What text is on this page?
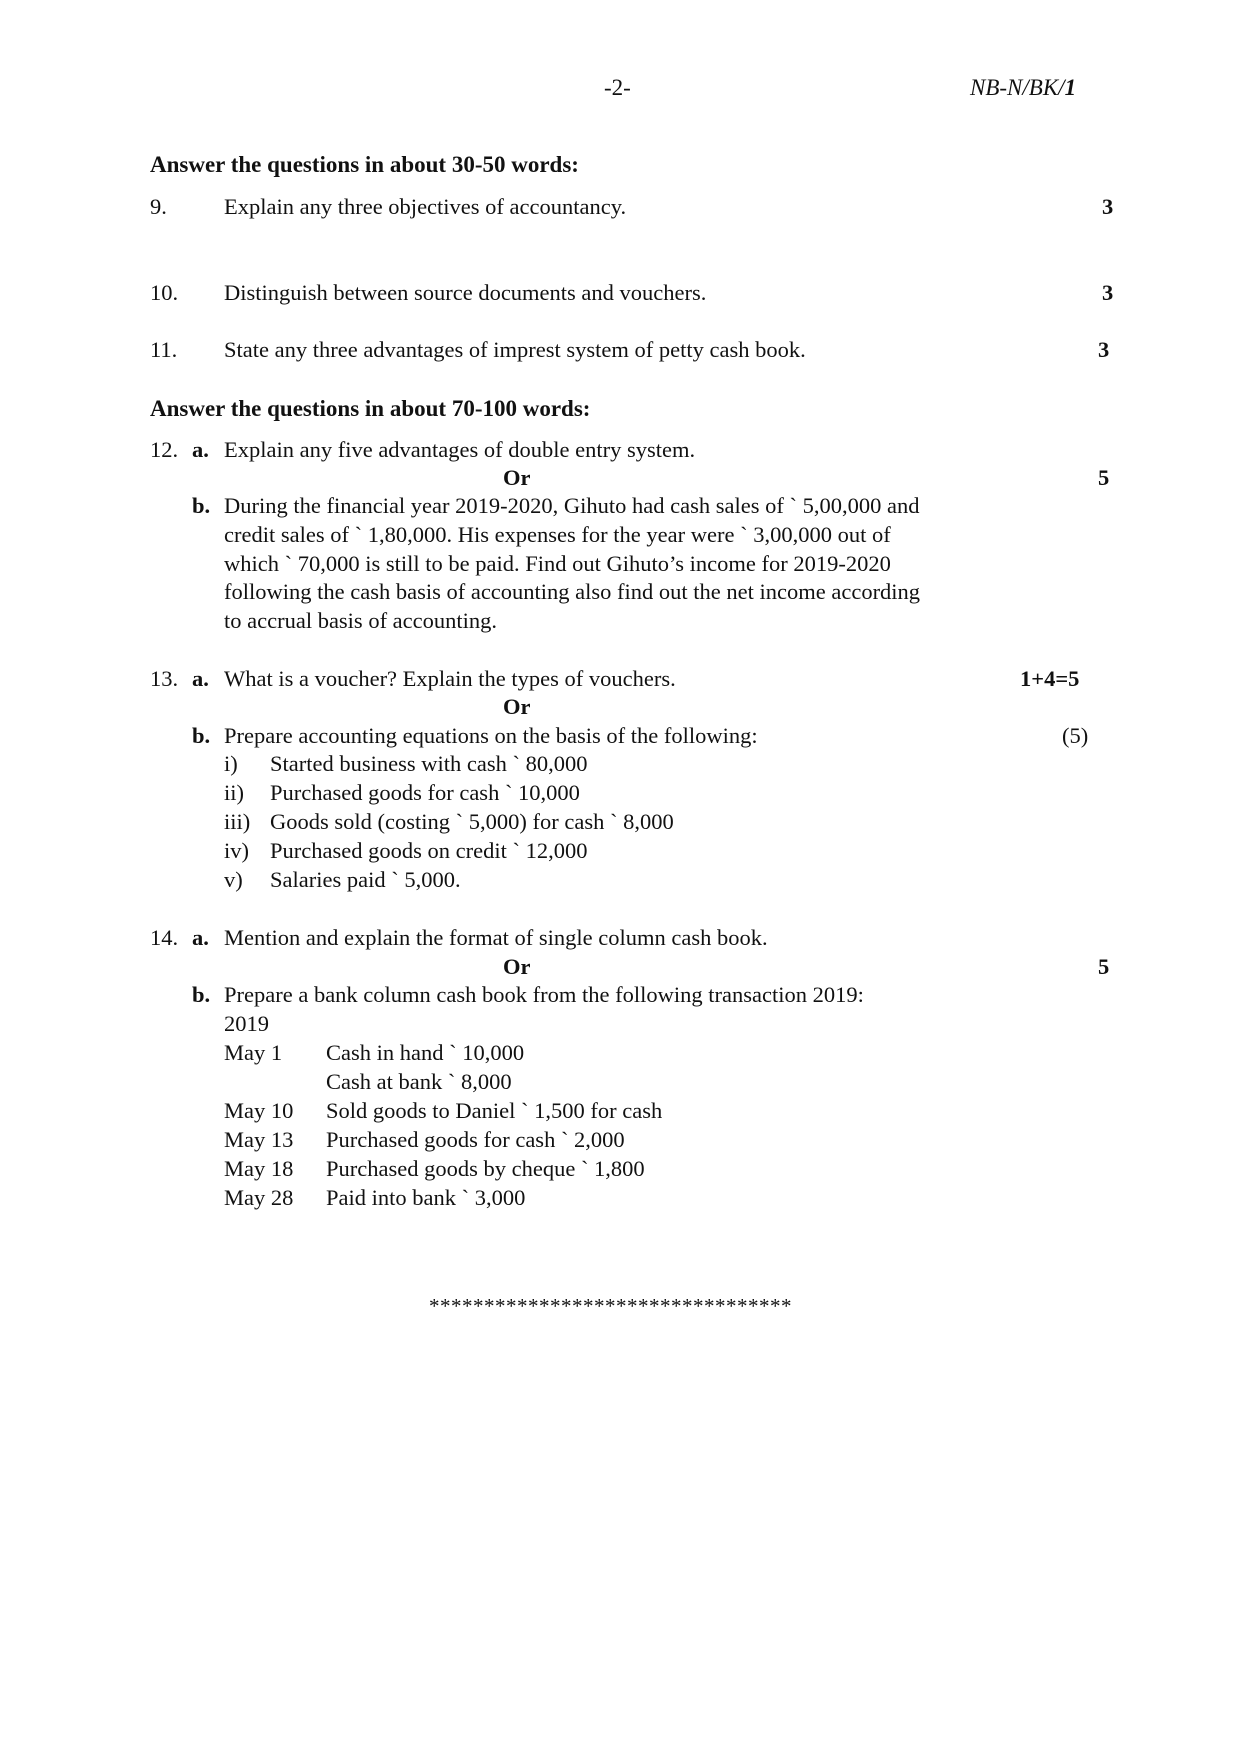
-2-	NB-N/BK/1
Answer the questions in about 30-50 words:
9.	Explain any three objectives of accountancy.	3
10. Distinguish between source documents and vouchers.	3
11. State any three advantages of imprest system of petty cash book.	3
Answer the questions in about 70-100 words:
12. a. Explain any five advantages of double entry system.
Or	5
b. During the financial year 2019-2020, Gihuto had cash sales of ` 5,00,000 and
credit sales of ` 1,80,000. His expenses for the year were ` 3,00,000 out of
which ` 70,000 is still to be paid. Find out Gihuto’s income for 2019-2020
following the cash basis of accounting also find out the net income according
to accrual basis of accounting.
13. a. What is a voucher? Explain the types of vouchers.	1+4=5
Or
b. Prepare accounting equations on the basis of the following:	(5)
i) Started business with cash ` 80,000
ii) Purchased goods for cash ` 10,000
iii) Goods sold (costing ` 5,000) for cash ` 8,000
iv) Purchased goods on credit ` 12,000
v) Salaries paid ` 5,000.
14. a. Mention and explain the format of single column cash book.
Or	5
b. Prepare a bank column cash book from the following transaction 2019:
2019
May 1 Cash in hand ` 10,000
Cash at bank ` 8,000
May 10 Sold goods to Daniel ` 1,500 for cash
May 13 Purchased goods for cash ` 2,000
May 18 Purchased goods by cheque ` 1,800
May 28 Paid into bank ` 3,000
*********************************
